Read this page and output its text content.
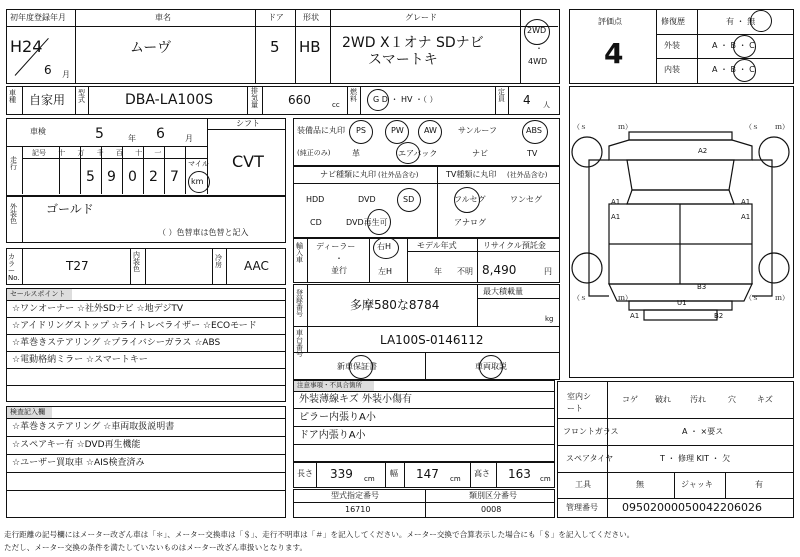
初年度登録年月
H24
6 月
車名
ムーヴ
ドア
5
形状
HB
グレード
2WD X１オナ SDナビ
スマートキ
2WD
・
4WD
車種 自家用 型式	DBA-LA100S
排気量	660	cc
燃料 G D ・ HV ・（ ）
定員 4 人
評価点
4
修復歴	有 ・ 無
外装	A ・ B ・ C
内装	A ・ B ・ C
車検	5	年 6	月
シフト
CVT
走行
記号 十 万 千 百 十 一
5 9 0 2 7
マイル
km
装備品に丸印
(純正のみ)
PS	PW	AW	サンルーフ	ABS
革	エアバック	ナビ	TV
ナビ種類に丸印 (社外品含む)	TV種類に丸印 (社外品含む)
HDD	DVD	SD
CD	DVD再生可
フルセグ	ワンセグ
アナログ
外装色
ゴールド
（ ）色替車は色替と記入
輸入車
ディーラー
・
並行
右H
左H
モデル年式
年 不明
リサイクル預託金
8,490	円
カラーNo.
T27
内装色
冷房 AAC
セールスポイント
☆ワンオーナー ☆社外SDナビ ☆地デジTV
☆アイドリングストップ ☆ライトレベライザー ☆ECOモード
☆革巻きステアリング ☆プライバシーガラス ☆ABS
☆電動格納ミラー ☆スマートキー
検査記入欄
☆革巻きステアリング ☆車両取扱説明書
☆スペアキー有 ☆DVD再生機能
☆ユーザー買取車 ☆AIS検査済み
登録番号
多摩580な8784
最大積載量
kg
車台番号
LA100S-0146112
新車保証書	車両取説
注意事項・不具合箇所
外装薄線キズ 外装小傷有
ピラー内張りA小
ドア内張りA小
長さ 339 cm
幅 147 cm
高さ 163 cm
型式指定番号
16710
類別区分番号
0008
室内シート
コゲ 破れ 汚れ	穴	キズ
フロントガラス	A ・ ×要ス
スペアタイヤ	T ・ 修理 KIT ・ 欠
工具	無	ジャッキ	有
管理番号 0950200005004220​6026
（ｓ	ｍ）	（ｓ ｍ）
（ｓ	ｍ）	（ｓ ｍ）
A2
A1
A1
A1
A1
B3
U1
A1	B2
走行距離の記号欄にはメーター改ざん車は「＊」、メーター交換車は「＄」、走行不明車は「＃」を記入してください。メーター交換で合算表示した場合にも「＄」を記入してください。
ただし、メーター交換の条件を満たしていないものはメーター改ざん車扱いとなります。
